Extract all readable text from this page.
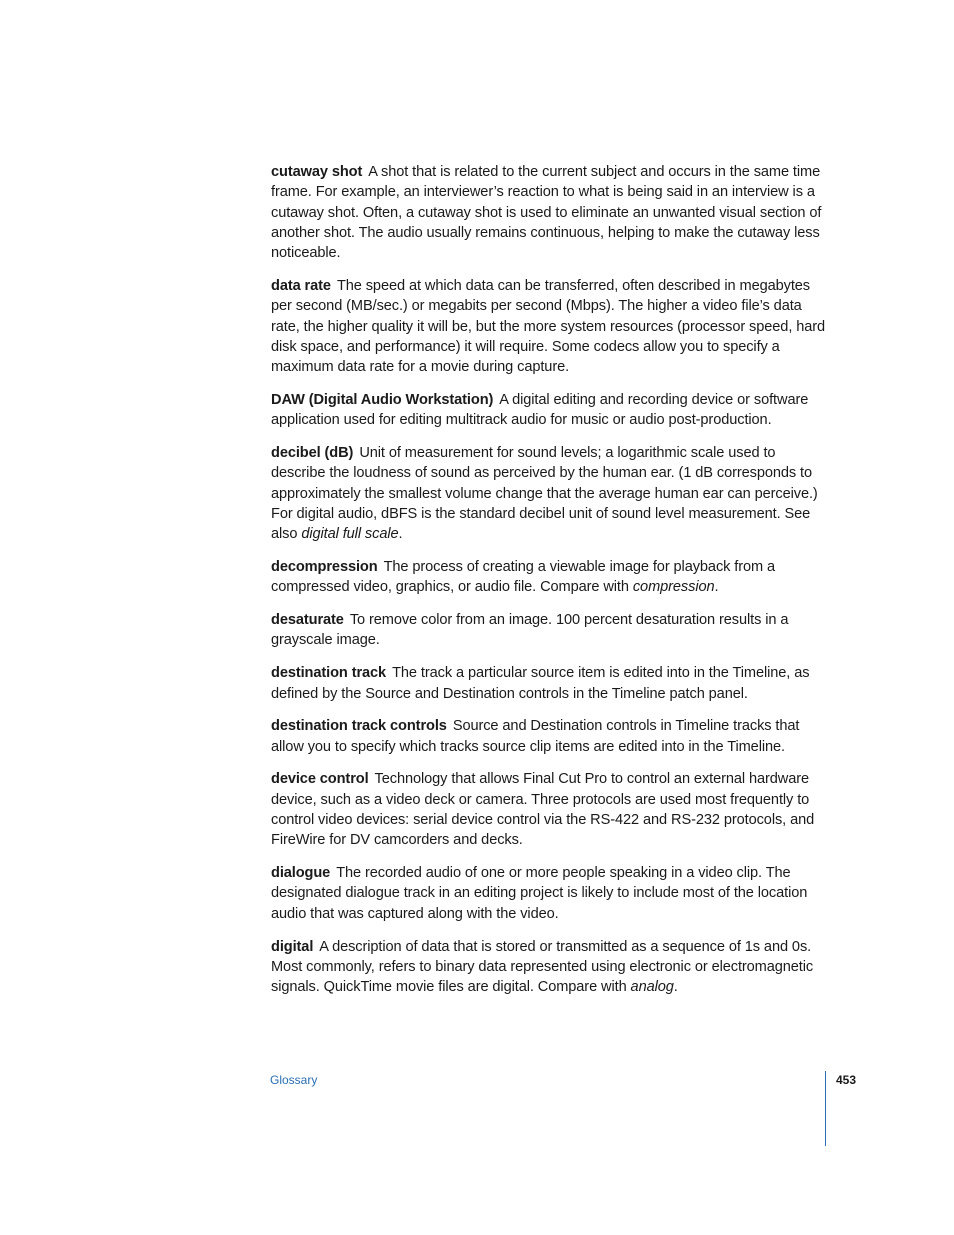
cutaway shot A shot that is related to the current subject and occurs in the same time frame. For example, an interviewer’s reaction to what is being said in an interview is a cutaway shot. Often, a cutaway shot is used to eliminate an unwanted visual section of another shot. The audio usually remains continuous, helping to make the cutaway less noticeable.

data rate The speed at which data can be transferred, often described in megabytes per second (MB/sec.) or megabits per second (Mbps). The higher a video file’s data rate, the higher quality it will be, but the more system resources (processor speed, hard disk space, and performance) it will require. Some codecs allow you to specify a maximum data rate for a movie during capture.

DAW (Digital Audio Workstation) A digital editing and recording device or software application used for editing multitrack audio for music or audio post-production.

decibel (dB) Unit of measurement for sound levels; a logarithmic scale used to describe the loudness of sound as perceived by the human ear. (1 dB corresponds to approximately the smallest volume change that the average human ear can perceive.) For digital audio, dBFS is the standard decibel unit of sound level measurement. See also digital full scale.

decompression The process of creating a viewable image for playback from a compressed video, graphics, or audio file. Compare with compression.

desaturate To remove color from an image. 100 percent desaturation results in a grayscale image.

destination track The track a particular source item is edited into in the Timeline, as defined by the Source and Destination controls in the Timeline patch panel.

destination track controls Source and Destination controls in Timeline tracks that allow you to specify which tracks source clip items are edited into in the Timeline.

device control Technology that allows Final Cut Pro to control an external hardware device, such as a video deck or camera. Three protocols are used most frequently to control video devices: serial device control via the RS-422 and RS-232 protocols, and FireWire for DV camcorders and decks.

dialogue The recorded audio of one or more people speaking in a video clip. The designated dialogue track in an editing project is likely to include most of the location audio that was captured along with the video.

digital A description of data that is stored or transmitted as a sequence of 1s and 0s. Most commonly, refers to binary data represented using electronic or electromagnetic signals. QuickTime movie files are digital. Compare with analog.

Glossary	453
